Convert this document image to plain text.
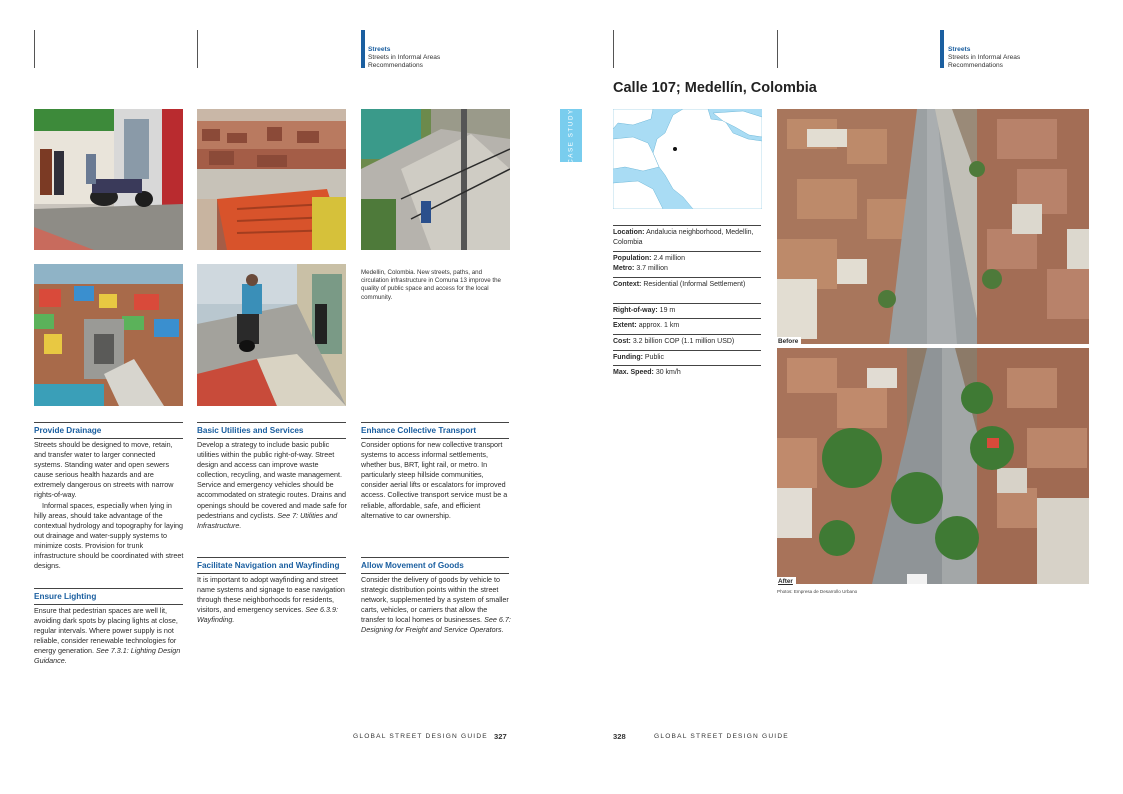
Streets
Streets in Informal Areas
Recommendations
Medellin, Colombia. New streets, paths, and circulation infrastructure in Comuna 13 improve the quality of public space and access for the local community.
Provide Drainage

Streets should be designed to move, retain, and transfer water to larger connected systems. Standing water and open sewers cause serious health hazards and are extremely dangerous on streets with narrow rights-of-way.

Informal spaces, especially when lying in hilly areas, should take advantage of the contextual hydrology and topography for laying out drainage and water-supply systems to minimize costs. Provision for trunk infrastructure should be coordinated with street designs.

Ensure Lighting
Ensure that pedestrian spaces are well lit, avoiding dark spots by placing lights at close, regular intervals. Where power supply is not reliable, consider renewable technologies for energy generation. See 7.3.1: Lighting Design Guidance.
Basic Utilities and Services
Develop a strategy to include basic public utilities within the public right-of-way. Street design and access can improve waste collection, recycling, and waste management. Service and emergency vehicles should be accommodated on strategic routes. Drains and openings should be covered and made safe for pedestrians and cyclists. See 7: Utilities and Infrastructure.
Facilitate Navigation and Wayfinding
It is important to adopt wayfinding and street name systems and signage to ease navigation through these neighborhoods for residents, visitors, and emergency services. See 6.3.9: Wayfinding.
Enhance Collective Transport
Consider options for new collective transport systems to access informal settlements, whether bus, BRT, light rail, or metro. In particularly steep hillside communities, consider aerial lifts or escalators for improved access. Collective transport service must be a reliable, affordable, safe, and efficient alternative to car ownership.
Allow Movement of Goods
Consider the delivery of goods by vehicle to strategic distribution points within the street network, supplemented by a system of smaller carts, vehicles, or carriers that allow the transfer to local homes or businesses. See 6.7: Designing for Freight and Service Operators.
GLOBAL STREET DESIGN GUIDE 327
Streets
Streets in Informal Areas
Recommendations
Calle 107; Medellín, Colombia
CASE STUDY
Location: Andalucia neighborhood, Medellin, Colombia
Population: 2.4 million
Metro: 3.7 million
Context: Residential (Informal Settlement)
Right-of-way: 19 m
Extent: approx. 1 km
Cost: 3.2 billion COP (1.1 million USD)
Funding: Public
Max. Speed: 30 km/h
Before
After
Photos: Empresa de Desarrollo Urbano
328	GLOBAL STREET DESIGN GUIDE
